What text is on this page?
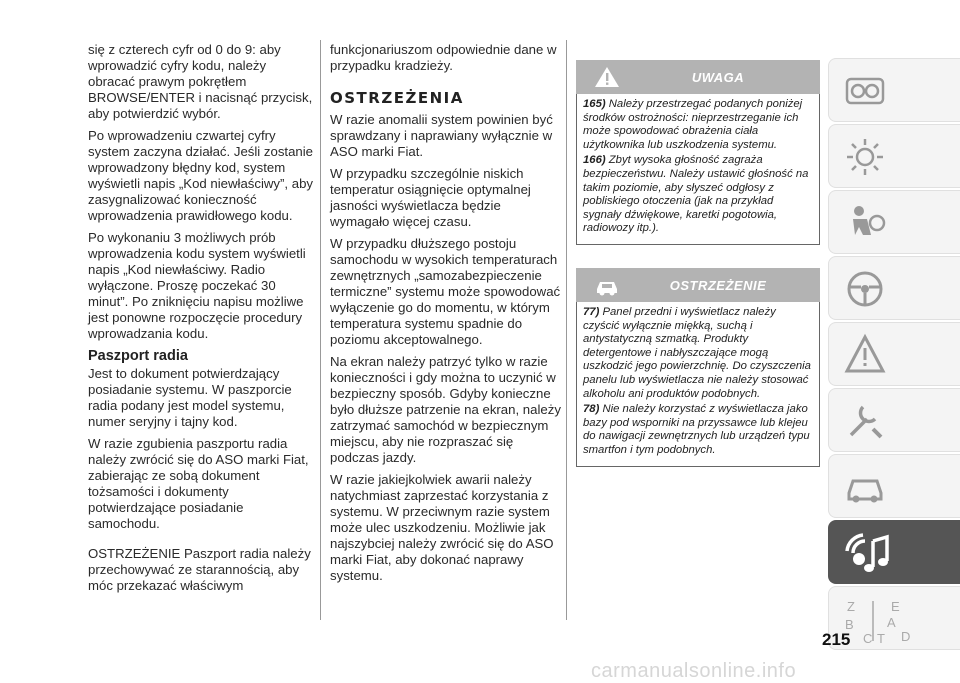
się z czterech cyfr od 0 do 9: aby wprowadzić cyfry kodu, należy obracać prawym pokrętłem BROWSE/ENTER i nacisnąć przycisk, aby potwierdzić wybór.

Po wprowadzeniu czwartej cyfry system zaczyna działać. Jeśli zostanie wprowadzony błędny kod, system wyświetli napis „Kod niewłaściwy”, aby zasygnalizować konieczność wprowadzenia prawidłowego kodu.

Po wykonaniu 3 możliwych prób wprowadzenia kodu system wyświetli napis „Kod niewłaściwy. Radio wyłączone. Proszę poczekać 30 minut”. Po zniknięciu napisu możliwe jest ponowne rozpoczęcie procedury wprowadzania kodu.

Paszport radia

Jest to dokument potwierdzający posiadanie systemu. W paszporcie radia podany jest model systemu, numer seryjny i tajny kod.

W razie zgubienia paszportu radia należy zwrócić się do ASO marki Fiat, zabierając ze sobą dokument tożsamości i dokumenty potwierdzające posiadanie samochodu.

OSTRZEŻENIE Paszport radia należy przechowywać ze starannością, aby móc przekazać właściwym

funkcjonariuszom odpowiednie dane w przypadku kradzieży.

OSTRZEŻENIA

W razie anomalii system powinien być sprawdzany i naprawiany wyłącznie w ASO marki Fiat.

W przypadku szczególnie niskich temperatur osiągnięcie optymalnej jasności wyświetlacza będzie wymagało więcej czasu.

W przypadku dłuższego postoju samochodu w wysokich temperaturach zewnętrznych „samozabezpieczenie termiczne” systemu może spowodować wyłączenie go do momentu, w którym temperatura systemu spadnie do poziomu akceptowalnego.

Na ekran należy patrzyć tylko w razie konieczności i gdy można to uczynić w bezpieczny sposób. Gdyby konieczne było dłuższe patrzenie na ekran, należy zatrzymać samochód w bezpiecznym miejscu, aby nie rozpraszać się podczas jazdy.

W razie jakiejkolwiek awarii należy natychmiast zaprzestać korzystania z systemu. W przeciwnym razie system może ulec uszkodzeniu. Możliwie jak najszybciej należy zwrócić się do ASO marki Fiat, aby dokonać naprawy systemu.

UWAGA

165) Należy przestrzegać podanych poniżej środków ostrożności: nieprzestrzeganie ich może spowodować obrażenia ciała użytkownika lub uszkodzenia systemu.

166) Zbyt wysoka głośność zagraża bezpieczeństwu. Należy ustawić głośność na takim poziomie, aby słyszeć odgłosy z pobliskiego otoczenia (jak na przykład sygnały dźwiękowe, karetki pogotowia, radiowozy itp.).

OSTRZEŻENIE

77) Panel przedni i wyświetlacz należy czyścić wyłącznie miękką, suchą i antystatyczną szmatką. Produkty detergentowe i nabłyszczające mogą uszkodzić jego powierzchnię. Do czyszczenia panelu lub wyświetlacza nie należy stosować alkoholu ani produktów podobnych.

78) Nie należy korzystać z wyświetlacza jako bazy pod wsporniki na przyssawce lub klejeu do nawigacji zewnętrznych lub urządzeń typu smartfon i tym podobnych.

Z	E
B	A
C T D
215
carmanualsonline.info
